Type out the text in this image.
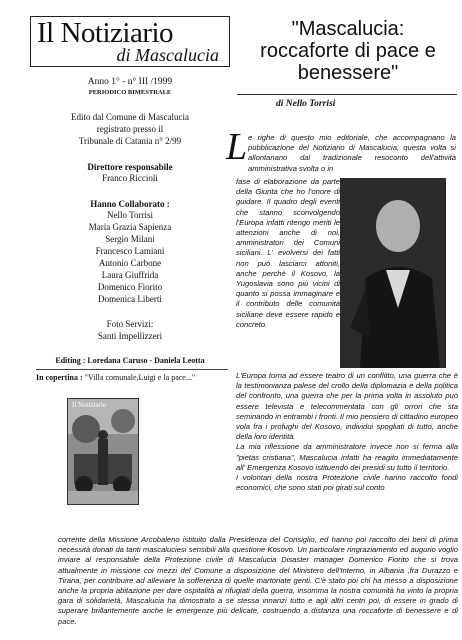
Il Notiziario
di Mascalucia
Anno 1° - n° III /1999
PERIODICO BIMESTRALE
Edito dal Comune di Mascalucia
registrato presso il
Tribunale di Catania n° 2/99
Direttore responsabile
Franco Riccioli
Hanno Collaborato :
Nello Torrisi
Maria Grazia Sapienza
Sergio Milani
Francesco Lamiani
Antonio Carbone
Laura Giuffrida
Domenico Fiorito
Domenica Liberti
Foto Servizi:
Santi Impellizzeri
Editing : Loredana Caruso - Daniela Leotta
In copertina : "Villa comunale,Luigi e la pace..."
Il Notiziario
"Mascalucia: roccaforte di pace e benessere"
di Nello Torrisi
L e righe di questo mio editoriale, che accompagnano la pubblicazione del Notiziario di Mascalucia, questa volta si allontanano dal tradizionale resoconto dell'attività amministrativa svolta o in
fase di elaborazione da parte della Giunta che ho l'onore di guidare. Il quadro degli eventi che stanno sconvolgendo l'Europa infatti ritengo meriti le attenzioni anche di noi, amministratori dei Comuni siciliani. L' evolversi dei fatti non può lasciarci attoniti, anche perchè il Kosovo, la Yugoslavia sono più vicini di quanto si possa immaginare e il contributo delle comunità siciliane deve essere rapido e concreto.
L'Europa torna ad essere teatro di un conflitto, una guerra che è la testimonianza palese del crollo della diplomazia e della politica del confronto, una guerra che per la prima volta in assoluto può essere televista e telecommentata con gli orrori che sta seminando in entrambi i fronti. Il mio pensiero di cittadino europeo vola fra i profughi del Kosovo, individui spogliati di tutto, anche della loro identità.
La mia riflessione da amministratore invece non si ferma alla "pietas cristiana", Mascalucia infatti ha reagito immediatamente all' Emergenza Kosovo istituendo dei presidi su tutto il territorio.
I volontari della nostra Protezione civile hanno raccolto fondi economici, che sono stati poi girati sul conto
corrente della Missione Arcobaleno istituito dalla Presidenza del Consiglio, ed hanno poi raccolto dei beni di prima necessità donati da tanti mascaluciesi sensibili alla questione Kosovo. Un particolare ringraziamento ed augurio voglio inviare al responsabile della Protezione civile di Mascalucia Disaster manager Domenico Fiorito che si trova attualmente in missione coi mezzi del Comune a disposizione del Ministero dell'Interno, in Albania ,fra Durazzo e Tirana, per contribuire ad alleviare la sofferenza di quelle martoriate genti. C'è stato poi chi ha messo a disposizione anche la propria abitazione per dare ospitalità ai rifugiati della guerra, insomma la nostra comunità ha vinto la propria gara di solidarietà, Mascalucia ha dimostrato a se stessa innanzi tutto e agli altri centri poi, di essere in grado di superare brillantemente anche le emergenze più delicate, costruendo a distanza una roccaforte di benessere e di pace.
